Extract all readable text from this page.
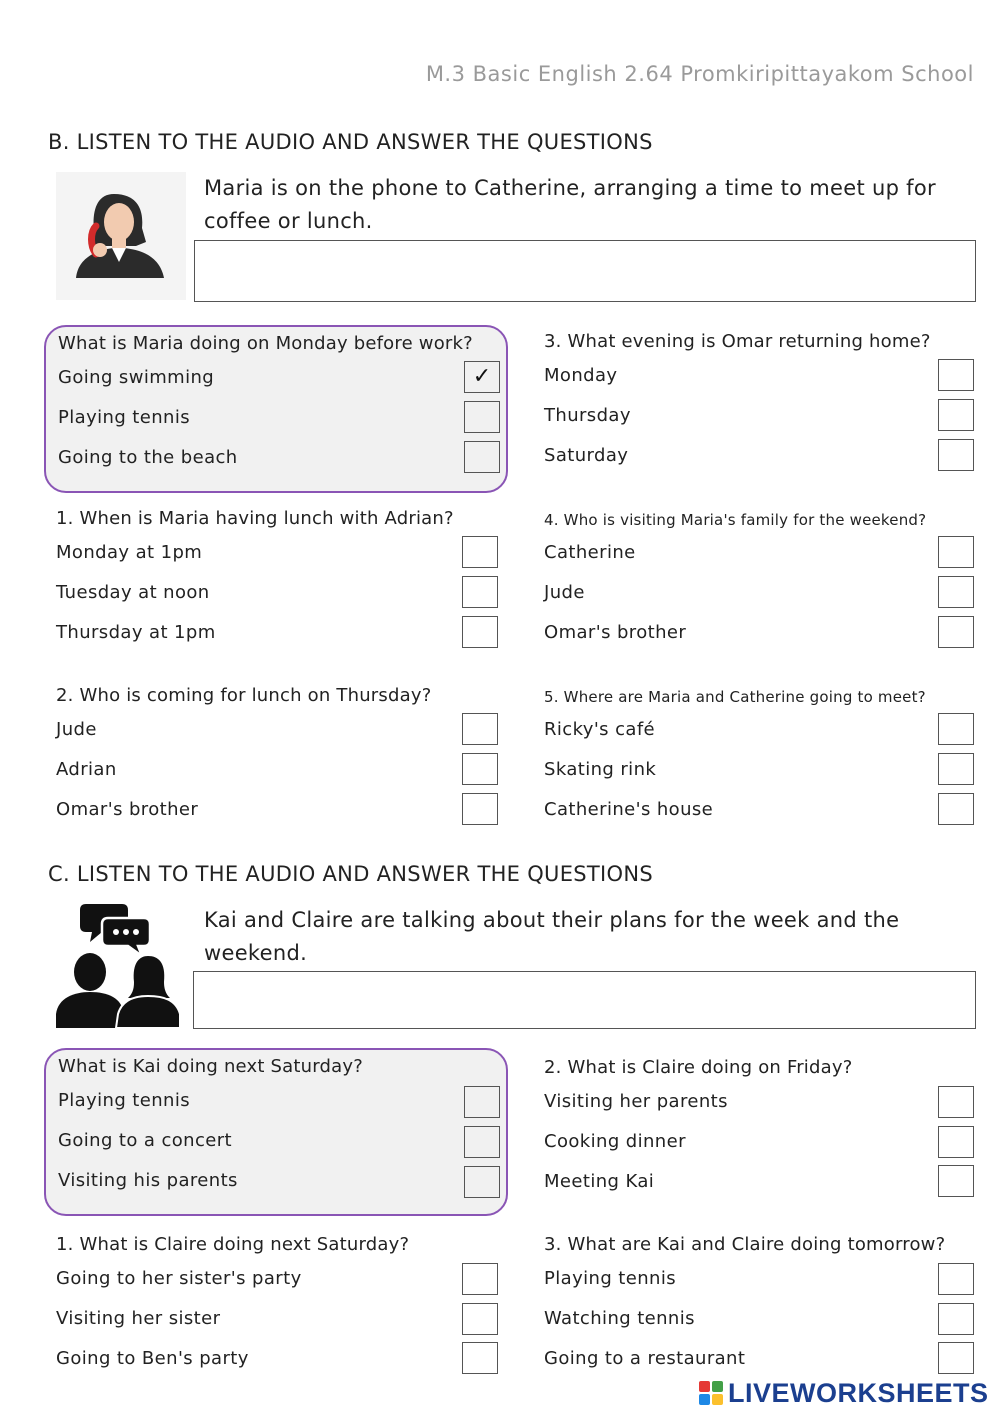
M.3 Basic English 2.64 Promkiripittayakom School
B. LISTEN TO THE AUDIO AND ANSWER THE QUESTIONS
Maria is on the phone to Catherine, arranging a time to meet up for coffee or lunch.
What is Maria doing on Monday before work?
Going swimming
Playing tennis
Going to the beach
✓
1. When is Maria having lunch with Adrian?
Monday at 1pm
Tuesday at noon
Thursday at 1pm
2. Who is coming for lunch on Thursday?
Jude
Adrian
Omar's brother
3. What evening is Omar returning home?
Monday
Thursday
Saturday
4. Who is visiting Maria's family for the weekend?
Catherine
Jude
Omar's brother
5. Where are Maria and Catherine going to meet?
Ricky's café
Skating rink
Catherine's house
C. LISTEN TO THE AUDIO AND ANSWER THE QUESTIONS
Kai and Claire are talking about their plans for the week and the weekend.
What is Kai doing next Saturday?
Playing tennis
Going to a concert
Visiting his parents
1. What is Claire doing next Saturday?
Going to her sister's party
Visiting her sister
Going to Ben's party
2. What is Claire doing on Friday?
Visiting her parents
Cooking dinner
Meeting Kai
3. What are Kai and Claire doing tomorrow?
Playing tennis
Watching tennis
Going to a restaurant
LIVEWORKSHEETS
